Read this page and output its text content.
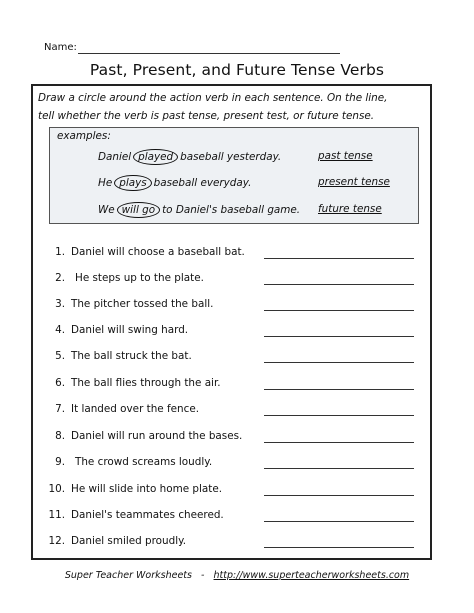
Name:
Past, Present, and Future Tense Verbs
Draw a circle around the action verb in each sentence. On the line,
tell whether the verb is past tense, present test, or future tense.
examples:
Daniel played baseball yesterday.	past tense
He plays baseball everyday.	present tense
We will go to Daniel's baseball game. future tense
1. Daniel will choose a baseball bat.
2. He steps up to the plate.
3. The pitcher tossed the ball.
4. Daniel will swing hard.
5. The ball struck the bat.
6. The ball flies through the air.
7. It landed over the fence.
8. Daniel will run around the bases.
9. The crowd screams loudly.
10. He will slide into home plate.
11. Daniel's teammates cheered.
12. Daniel smiled proudly.
Super Teacher Worksheets - http://www.superteacherworksheets.com
